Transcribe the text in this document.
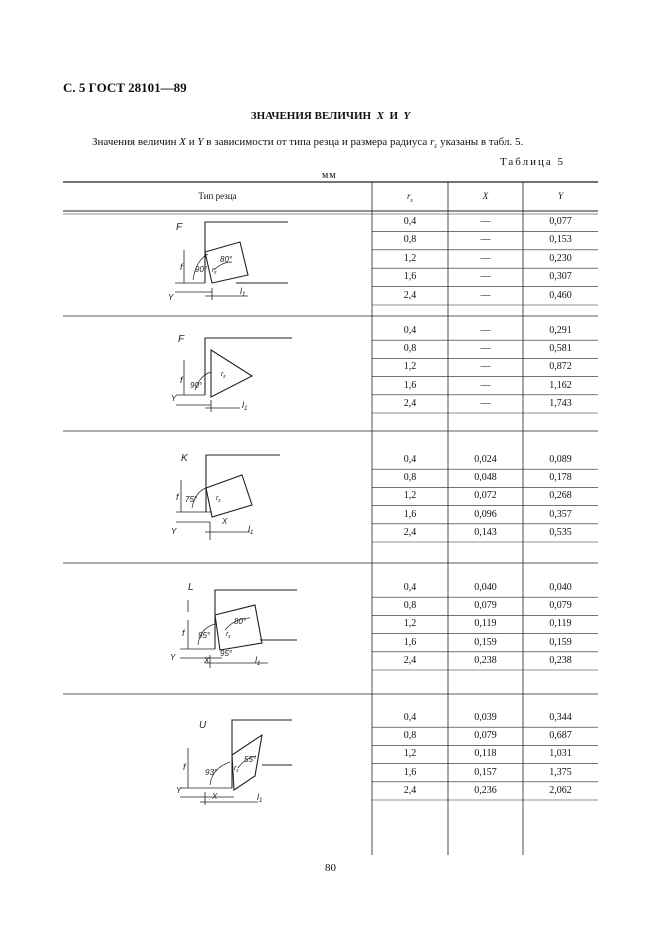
С. 5 ГОСТ 28101—89
ЗНАЧЕНИЯ ВЕЛИЧИН X И Y
Значения величин X и Y в зависимости от типа резца и размера радиуса $r_\varepsilon$ указаны в табл. 5.
Таблица 5
мм
Тип резца	$r_\varepsilon$	X	Y
0,4	—	0,077
0,8	—	0,153
1,2	—	0,230
1,6	—	0,307
2,4	—	0,460
0,4	—	0,291
0,8	—	0,581
1,2	—	0,872
1,6	—	1,162
2,4	—	1,743
0,4	0,024	0,089
0,8	0,048	0,178
1,2	0,072	0,268
1,6	0,096	0,357
2,4	0,143	0,535
0,4	0,040	0,040
0,8	0,079	0,079
1,2	0,119	0,119
1,6	0,159	0,159
2,4	0,238	0,238
0,4	0,039	0,344
0,8	0,079	0,687
1,2	0,118	1,031
1,6	0,157	1,375
2,4	0,236	2,062
F
f
Y
$l_1$
$r_\varepsilon$
90°
80°
F
f
Y
$l_1$
$r_\varepsilon$
90°
K
f
Y
X
$l_1$
$r_\varepsilon$
75°
L
f
Y	X	$l_1$
$r_\varepsilon$
95°
80°
95°
U
f
Y
X	$l_1$
$r_\varepsilon$
93°
55°
80
